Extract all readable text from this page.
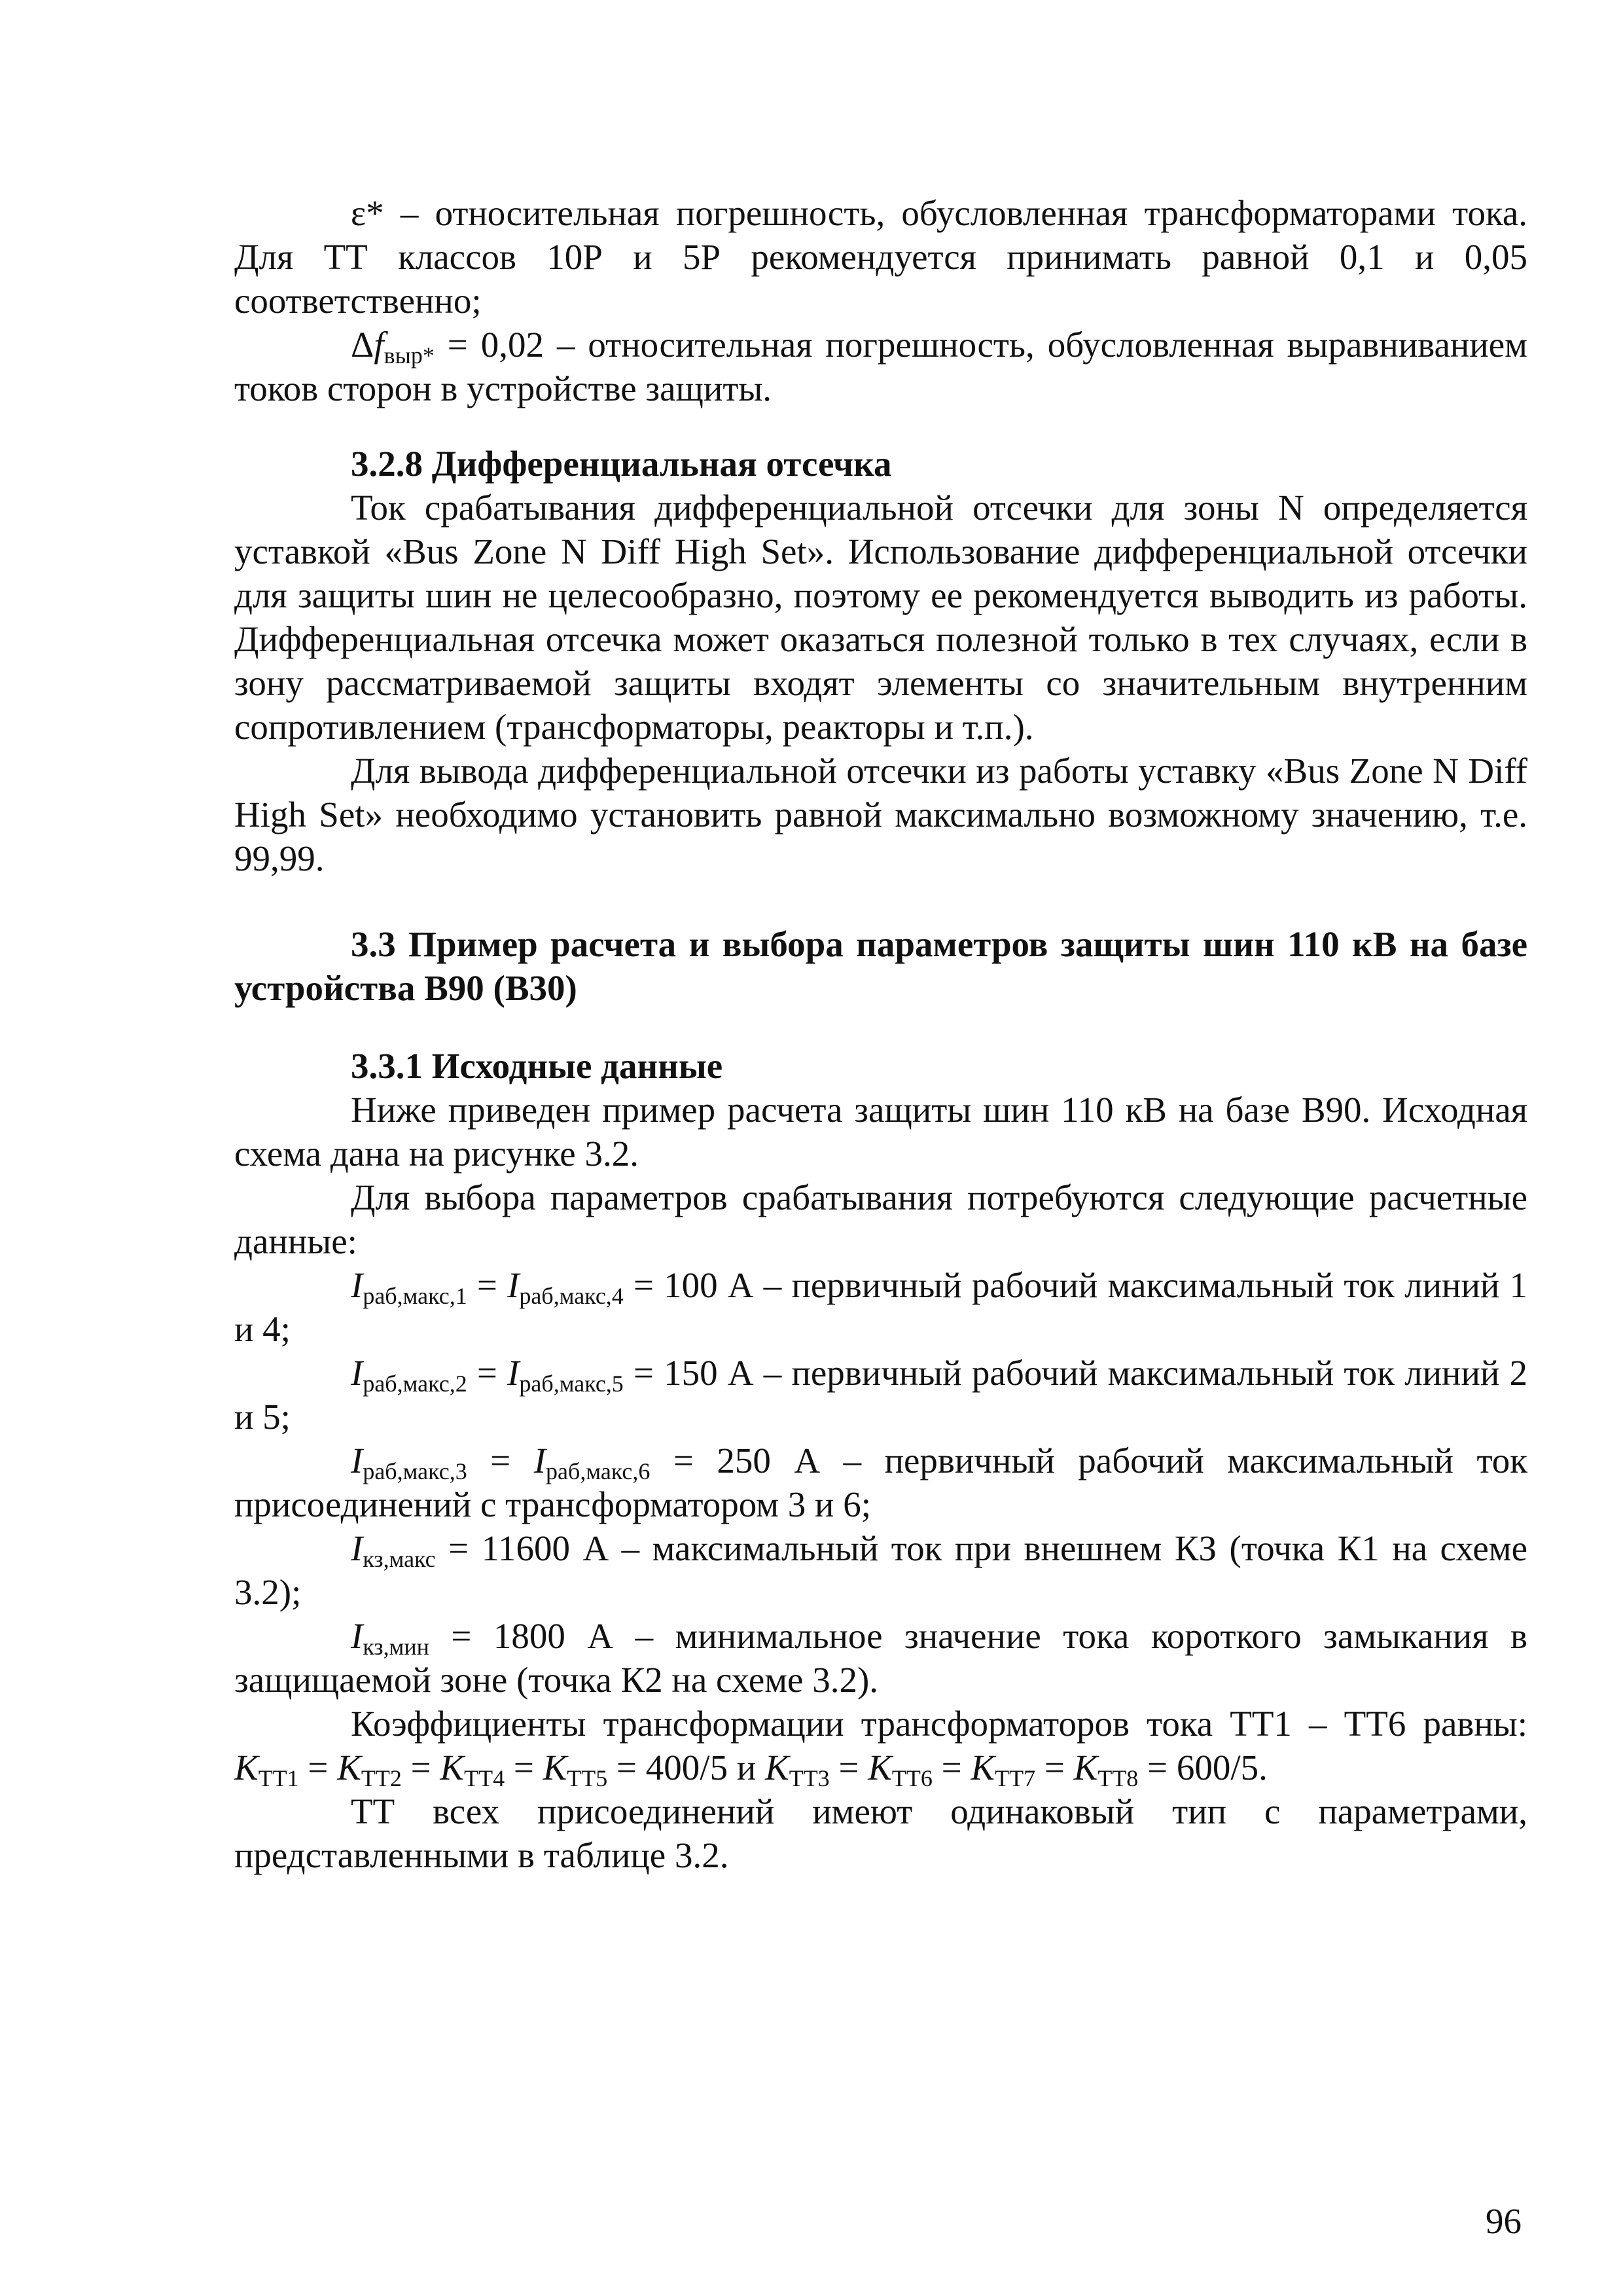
ε* – относительная погрешность, обусловленная трансформаторами тока. Для ТТ классов 10Р и 5Р рекомендуется принимать равной 0,1 и 0,05 соответственно;

$\Delta f_{выр*} = 0,02$ – относительная погрешность, обусловленная выравниванием токов сторон в устройстве защиты.

3.2.8 Дифференциальная отсечка

Ток срабатывания дифференциальной отсечки для зоны N определяется уставкой «Bus Zone N Diff High Set». Использование дифференциальной отсечки для защиты шин не целесообразно, поэтому ее рекомендуется выводить из работы. Дифференциальная отсечка может оказаться полезной только в тех случаях, если в зону рассматриваемой защиты входят элементы со значительным внутренним сопротивлением (трансформаторы, реакторы и т.п.).

Для вывода дифференциальной отсечки из работы уставку «Bus Zone N Diff High Set» необходимо установить равной максимально возможному значению, т.е. 99,99.

3.3 Пример расчета и выбора параметров защиты шин 110 кВ на базе устройства B90 (B30)

3.3.1 Исходные данные

Ниже приведен пример расчета защиты шин 110 кВ на базе B90. Исходная схема дана на рисунке 3.2.

Для выбора параметров срабатывания потребуются следующие расчетные данные:

$I_{раб,макс,1} = I_{раб,макс,4} = 100$ А – первичный рабочий максимальный ток линий 1 и 4;

$I_{раб,макс,2} = I_{раб,макс,5} = 150$ А – первичный рабочий максимальный ток линий 2 и 5;

$I_{раб,макс,3} = I_{раб,макс,6} = 250$ А – первичный рабочий максимальный ток присоединений с трансформатором 3 и 6;

$I_{кз,макс} = 11600$ А – максимальный ток при внешнем КЗ (точка К1 на схеме 3.2);

$I_{кз,мин} = 1800$ А – минимальное значение тока короткого замыкания в защищаемой зоне (точка К2 на схеме 3.2).

Коэффициенты трансформации трансформаторов тока ТТ1 – ТТ6 равны: $K_{ТТ1} = K_{ТТ2} = K_{ТТ4} = K_{ТТ5} = 400/5$ и $K_{ТТ3} = K_{ТТ6} = K_{ТТ7} = K_{ТТ8} = 600/5$.

ТТ всех присоединений имеют одинаковый тип с параметрами, представленными в таблице 3.2.

96
